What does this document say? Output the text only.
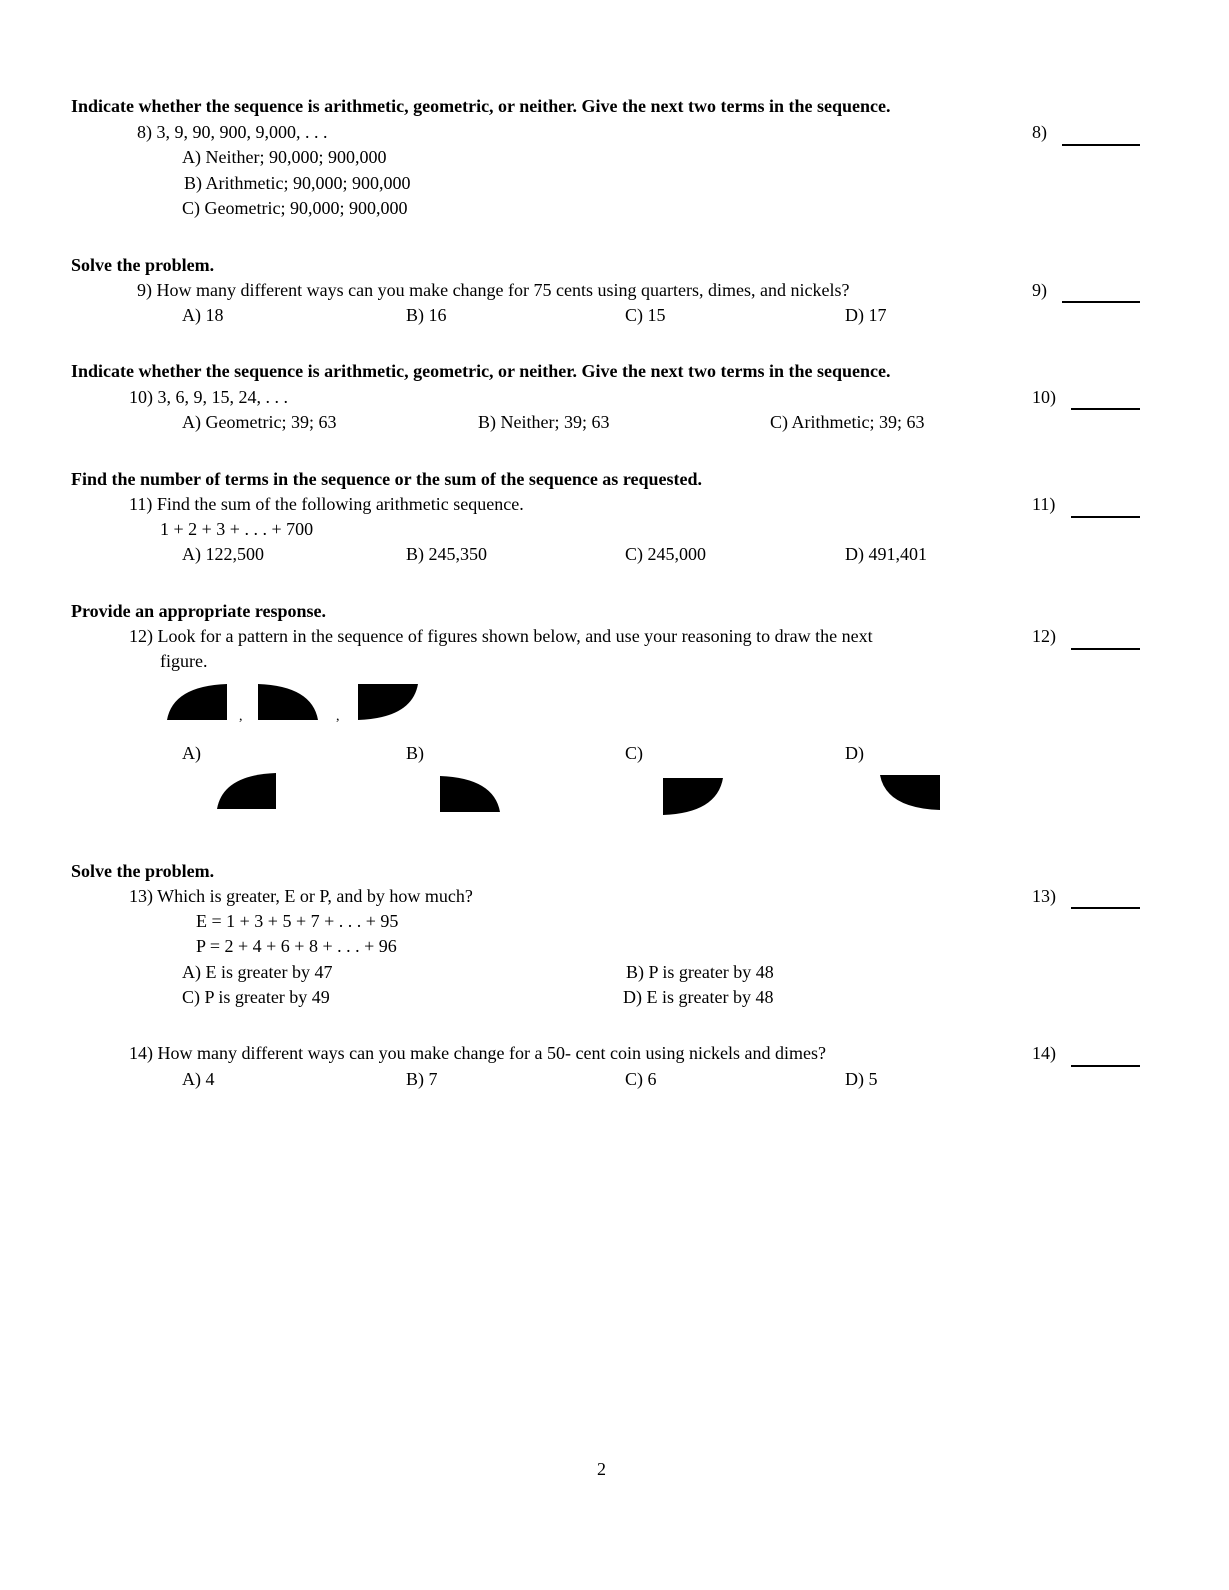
Indicate whether the sequence is arithmetic, geometric, or neither. Give the next two terms in the sequence.
8) 3, 9, 90, 900, 9,000, . . .
A) Neither; 90,000; 900,000
B) Arithmetic; 90,000; 900,000
C) Geometric; 90,000; 900,000
8)
Solve the problem.
9) How many different ways can you make change for 75 cents using quarters, dimes, and nickels?
A) 18	B) 16	C) 15	D) 17
9)
Indicate whether the sequence is arithmetic, geometric, or neither. Give the next two terms in the sequence.
10) 3, 6, 9, 15, 24, . . .
A) Geometric; 39; 63	B) Neither; 39; 63	C) Arithmetic; 39; 63
10)
Find the number of terms in the sequence or the sum of the sequence as requested.
11) Find the sum of the following arithmetic sequence.
1 + 2 + 3 + . . . + 700
A) 122,500	B) 245,350	C) 245,000	D) 491,401
11)
Provide an appropriate response.
12) Look for a pattern in the sequence of figures shown below, and use your reasoning to draw the next
figure.
12)
,	,
A)	B)	C)	D)
Solve the problem.
13) Which is greater, E or P, and by how much?
E = 1 + 3 + 5 + 7 + . . . + 95
P = 2 + 4 + 6 + 8 + . . . + 96
A) E is greater by 47	B) P is greater by 48
C) P is greater by 49	D) E is greater by 48
13)
14) How many different ways can you make change for a 50- cent coin using nickels and dimes?
A) 4	B) 7	C) 6	D) 5
14)
2
